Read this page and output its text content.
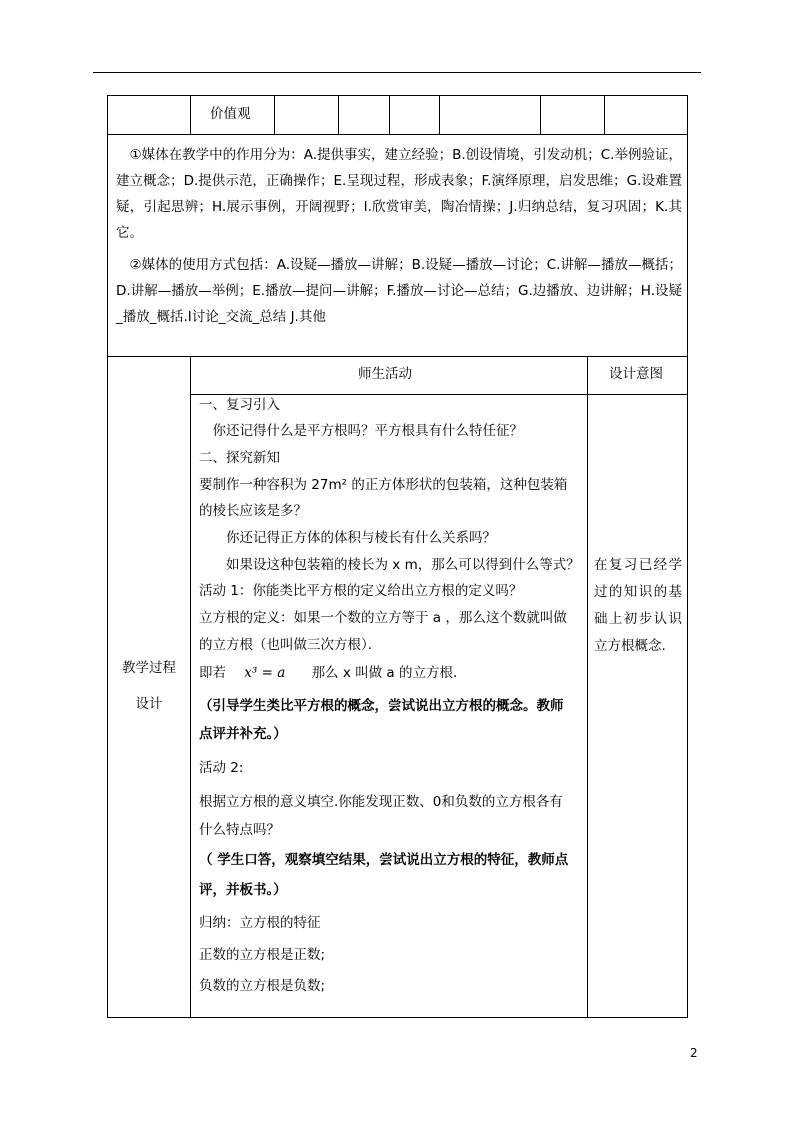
价值观

①媒体在教学中的作用分为：A.提供事实，建立经验；B.创设情境，引发动机；C.举例验证，建立概念；D.提供示范，正确操作；E.呈现过程，形成表象；F.演绎原理，启发思维；G.设难置疑，引起思辨；H.展示事例，开阔视野；I.欣赏审美，陶冶情操；J.归纳总结，复习巩固；K.其它。

②媒体的使用方式包括：A.设疑—播放—讲解；B.设疑—播放—讨论；C.讲解—播放—概括；D.讲解—播放—举例；E.播放—提问—讲解；F.播放—讨论—总结；G.边播放、边讲解；H.设疑_播放_概括.I讨论_交流_总结 J.其他

师生活动	设计意图
教学过程
设计
在复习已经学过的知识的基础上初步认识立方根概念.
一、复习引入
　你还记得什么是平方根吗？平方根具有什么特任征？
二、探究新知
要制作一种容积为 27m² 的正方体形状的包装箱，这种包装箱
的棱长应该是多？
　　你还记得正方体的体积与棱长有什么关系吗？
　　如果设这种包装箱的棱长为 x m，那么可以得到什么等式？
活动 1：你能类比平方根的定义给出立方根的定义吗？
立方根的定义：如果一个数的立方等于 a ，那么这个数就叫做
的立方根（也叫做三次方根）．
即若 x³ = a 那么 x 叫做 a 的立方根．
（引导学生类比平方根的概念，尝试说出立方根的概念。教师
点评并补充。）
活动 2:
根据立方根的意义填空.你能发现正数、0和负数的立方根各有
什么特点吗？
（ 学生口答，观察填空结果，尝试说出立方根的特征，教师点
评，并板书。）
归纳：立方根的特征
正数的立方根是正数;
负数的立方根是负数;
2
